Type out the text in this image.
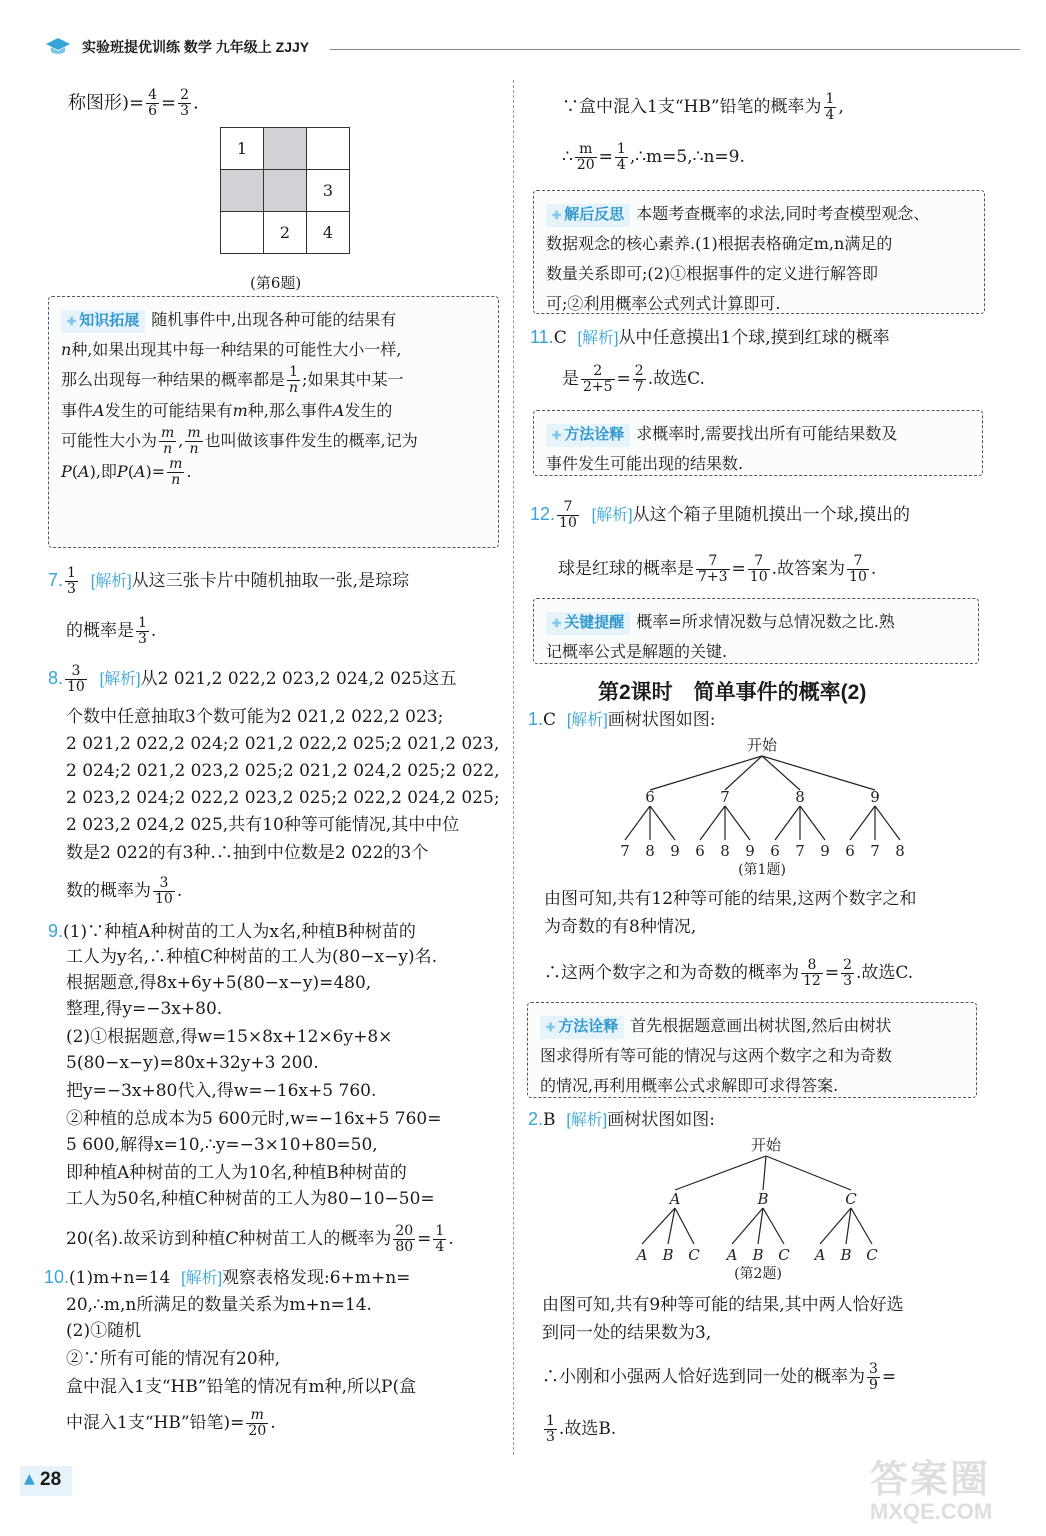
实验班提优训练 数学 九年级上 ZJJY
称图形)= $\frac{4}{6} = \frac{2}{3}$ .
1		
		3
	2	4
(第6题)
✚ 知识拓展 随机事件中,出现各种可能的结果有
n种,如果出现其中每一种结果的可能性大小一样,
那么出现每一种结果的概率都是 $\frac{1}{n}$ ;如果其中某一
事件A发生的可能结果有m种,那么事件A发生的
可能性大小为 $\frac{m}{n}$ , $\frac{m}{n}$ 也叫做该事件发生的概率,记为
P(A),即$P(A)= \frac{m}{n}$ .
7. $\frac{1}{3}$ [ 解析 ] 从这三张卡片中随机抽取一张,是琮琮
的概率是 $\frac{1}{3}$ .
8. $\frac{3}{10}$ [ 解析 ] 从2 021,2 022,2 023,2 024,2 025这五
个数中任意抽取3个数可能为2 021,2 022,2 023;
2 021,2 022,2 024;2 021,2 022,2 025;2 021,2 023,
2 024;2 021,2 023,2 025;2 021,2 024,2 025;2 022,
2 023,2 024;2 022,2 023,2 025;2 022,2 024,2 025;
2 023,2 024,2 025,共有10种等可能情况,其中中位
数是2 022的有3种.∴抽到中位数是2 022的3个
数的概率为 $\frac{3}{10}$ .
9.(1)∵种植A种树苗的工人为x名,种植B种树苗的
工人为y名,∴种植C种树苗的工人为(80−x−y)名.
根据题意,得8x+6y+5(80−x−y)=480,
整理,得y=−3x+80.
(2)①根据题意,得w=15×8x+12×6y+8×
5(80−x−y)=80x+32y+3 200.
把y=−3x+80代入,得w=−16x+5 760.
②种植的总成本为5 600元时,w=−16x+5 760=
5 600,解得x=10,∴y=−3×10+80=50,
即种植A种树苗的工人为10名,种植B种树苗的
工人为50名,种植C种树苗的工人为80−10−50=
20(名).故采访到种植C种树苗工人的概率为 $\frac{20}{80} = \frac{1}{4}$ .
10.(1)m+n=14 [ 解析 ] 观察表格发现:6+m+n=
20,∴m,n所满足的数量关系为m+n=14.
(2)①随机
②∵所有可能的情况有20种,
盒中混入1支“HB”铅笔的情况有m种,所以P(盒
中混入1支“HB”铅笔)= $\frac{m}{20}$ .
∵盒中混入1支“HB”铅笔的概率为 $\frac{1}{4}$ ,
∴ $\frac{m}{20} = \frac{1}{4}$ ,∴m=5,∴n=9.
✚ 解后反思 本题考查概率的求法,同时考查模型观念、
数据观念的核心素养.(1)根据表格确定m,n满足的
数量关系即可;(2)①根据事件的定义进行解答即
可;②利用概率公式列式计算即可.
11.C [ 解析 ] 从中任意摸出1个球,摸到红球的概率
是 $\frac{2}{2+5} = \frac{2}{7}$ .故选C.
✚ 方法诠释 求概率时,需要找出所有可能结果数及
事件发生可能出现的结果数.
12. $\frac{7}{10}$ [ 解析 ] 从这个箱子里随机摸出一个球,摸出的
球是红球的概率是 $\frac{7}{7+3} = \frac{7}{10}$ .故答案为 $\frac{7}{10}$ .
✚ 关键提醒 概率=所求情况数与总情况数之比.熟
记概率公式是解题的关键.
第2课时　简单事件的概率(2)
1.C [ 解析 ] 画树状图如图:
开始
6	7	8	9
7 8 9 6 8 9 6 7 9 6 7 8
(第1题)
由图可知,共有12种等可能的结果,这两个数字之和
为奇数的有8种情况,
∴这两个数字之和为奇数的概率为 $\frac{8}{12} = \frac{2}{3}$ .故选C.
✚ 方法诠释 首先根据题意画出树状图,然后由树状
图求得所有等可能的情况与这两个数字之和为奇数
的情况,再利用概率公式求解即可求得答案.
2.B [ 解析 ] 画树状图如图:
开始
A	B	C
A B C A B C A B C
(第2题)
由图可知,共有9种等可能的结果,其中两人恰好选
到同一处的结果数为3,
∴小刚和小强两人恰好选到同一处的概率为 $\frac{3}{9}$ =
$\frac{1}{3}$ .故选B.
▲ 28	答案圈
MXQE.COM
